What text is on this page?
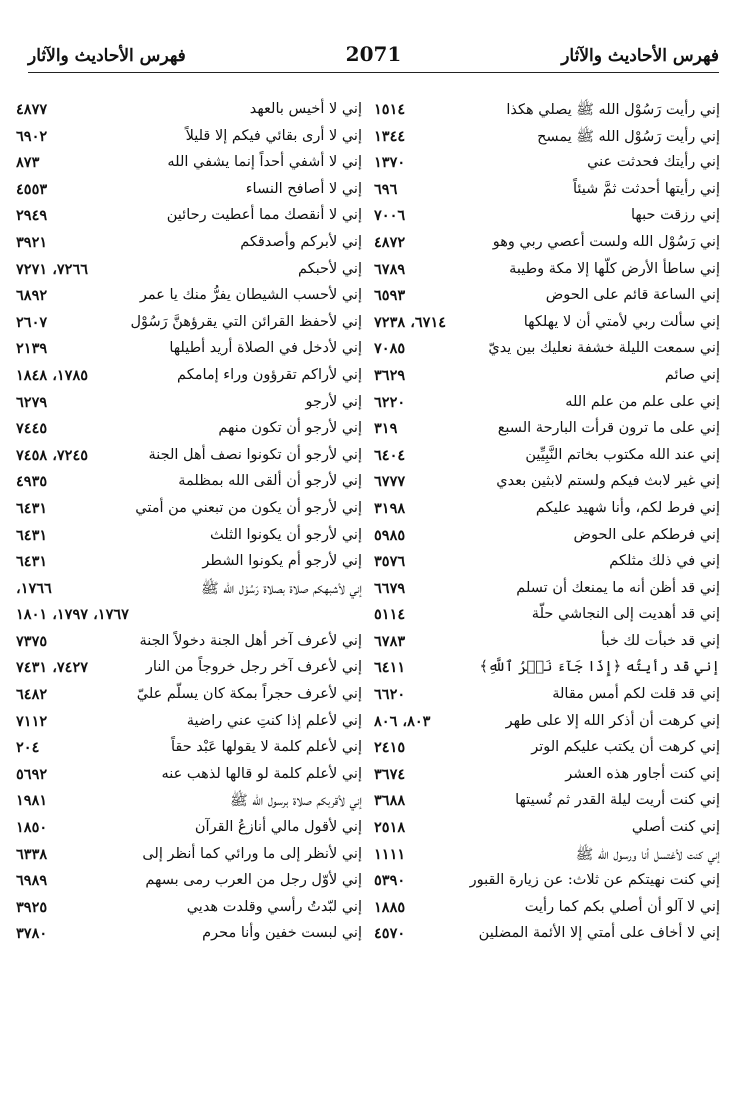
فهرس الأحاديث والآثار	2071	فهرس الأحاديث والآثار
إني رأيت رَسُوْل الله ﷺ يصلي هكذا
١٥١٤
إني رأيت رَسُوْل الله ﷺ يمسح
١٣٤٤
إني رأيتك فحدثت عني
١٣٧٠
إني رأيتها أحدثت ثمَّ شيئاً
٦٩٦
إني رزقت حبها
٧٠٠٦
إني رَسُوْل الله ولست أعصي ربي وهو
٤٨٧٢
إني ساطأ الأرض كلّها إلا مكة وطيبة
٦٧٨٩
إني الساعة قائم على الحوض
٦٥٩٣
إني سألت ربي لأمتي أن لا يهلكها
٦٧١٤، ٧٢٣٨
إني سمعت الليلة خشفة نعليك بين يديّ
٧٠٨٥
إني صائم
٣٦٢٩
إني على علم من علم الله
٦٢٢٠
إني على ما ترون قرأت البارحة السبع
٣١٩
إني عند الله مكتوب بخاتم النَّبِيِّين
٦٤٠٤
إني غير لابث فيكم ولستم لابثين بعدي
٦٧٧٧
إني فرط لكم، وأنا شهيد عليكم
٣١٩٨
إني فرطكم على الحوض
٥٩٨٥
إني في ذلك مثلكم
٣٥٧٦
إني قد أظن أنه ما يمنعك أن تسلم
٦٦٧٩
إني قد أهديت إلى النجاشي حلّة
٥١١٤
إني قد خبأت لك خبأ
٦٧٨٣
إني قد رأيتُه ﴿إِذَا جَآءَ نَصۡرُ ٱللَّهِ﴾
٦٤١١
إني قد قلت لكم أمس مقالة
٦٦٢٠
إني كرهت أن أذكر الله إلا على طهر
٨٠٣، ٨٠٦
إني كرهت أن يكتب عليكم الوتر
٢٤١٥
إني كنت أجاور هذه العشر
٣٦٧٤
إني كنت أريت ليلة القدر ثم نُسيتها
٣٦٨٨
إني كنت أصلي
٢٥١٨
إني كنت لأغتسل أنا ورسول الله ﷺ
١١١١
إني كنت نهيتكم عن ثلاث: عن زيارة القبور
٥٣٩٠
إني لا آلو أن أصلي بكم كما رأيت
١٨٨٥
إني لا أخاف على أمتي إلا الأئمة المضلين
٤٥٧٠
إني لا أخيس بالعهد
٤٨٧٧
إني لا أرى بقائي فيكم إلا قليلاً
٦٩٠٢
إني لا أشفي أحداً إنما يشفي الله
٨٧٣
إني لا أصافح النساء
٤٥٥٣
إني لا أنقصك مما أعطيت رحائين
٢٩٤٩
إني لأبركم وأصدقكم
٣٩٢١
إني لأحبكم
٧٢٦٦، ٧٢٧١
إني لأحسب الشيطان يفرُّ منك يا عمر
٦٨٩٢
إني لأحفظ القرائن التي يقرؤهنَّ رَسُوْل
٢٦٠٧
إني لأدخل في الصلاة أريد أطيلها
٢١٣٩
إني لأراكم تقرؤون وراء إمامكم
١٧٨٥، ١٨٤٨
إني لأرجو
٦٢٧٩
إني لأرجو أن تكون منهم
٧٤٤٥
إني لأرجو أن تكونوا نصف أهل الجنة
٧٢٤٥، ٧٤٥٨
إني لأرجو أن ألقى الله بمظلمة
٤٩٣٥
إني لأرجو أن يكون من تبعني من أمتي
٦٤٣١
إني لأرجو أن يكونوا الثلث
٦٤٣١
إني لأرجو أم يكونوا الشطر
٦٤٣١
إني لأشبهكم صلاة بصلاة رَسُوْل الله ﷺ
١٧٦٦،
١٧٦٧، ١٧٩٧، ١٨٠١
إني لأعرف آخر أهل الجنة دخولاً الجنة
٧٣٧٥
إني لأعرف آخر رجل خروجاً من النار
٧٤٢٧، ٧٤٣١
إني لأعرف حجراً بمكة كان يسلّم عليّ
٦٤٨٢
إني لأعلم إذا كنتِ عني راضية
٧١١٢
إني لأعلم كلمة لا يقولها عَبْد حقاً
٢٠٤
إني لأعلم كلمة لو قالها لذهب عنه
٥٦٩٢
إني لأقربكم صلاة برسول الله ﷺ
١٩٨١
إني لأقول مالي أنازعُ القرآن
١٨٥٠
إني لأنظر إلى ما ورائي كما أنظر إلى
٦٣٣٨
إني لأوّل رجل من العرب رمى بسهم
٦٩٨٩
إني لبّدتُ رأسي وقلدت هديي
٣٩٢٥
إني لبست خفين وأنا محرم
٣٧٨٠
